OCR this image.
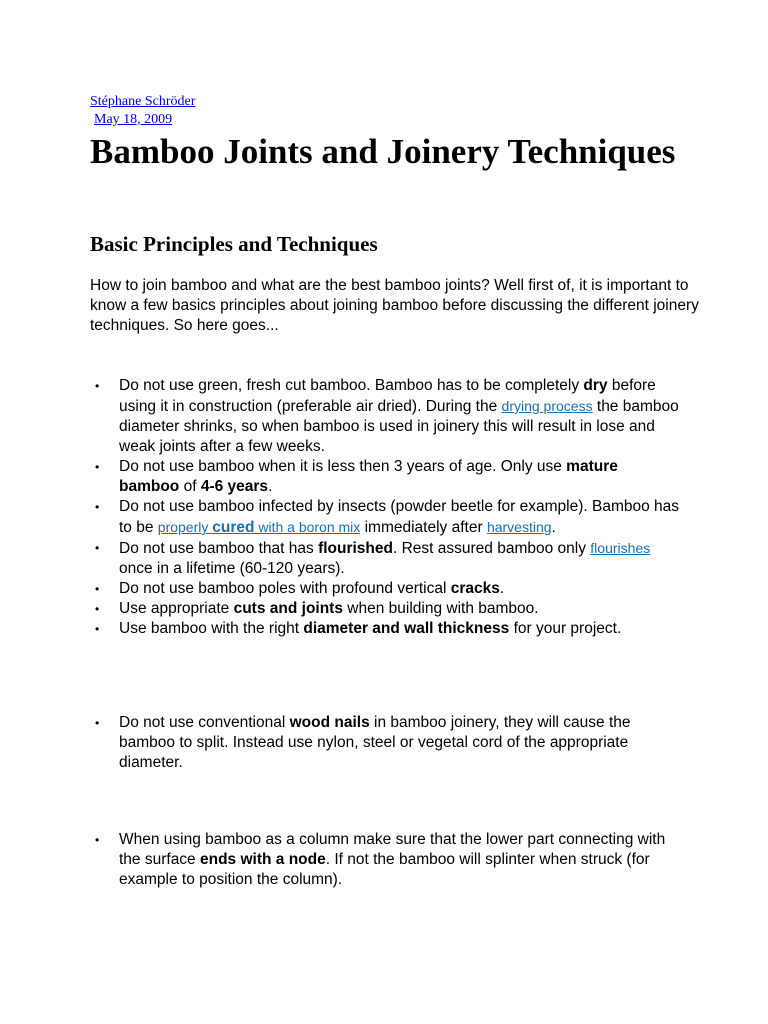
Stéphane Schröder
May 18, 2009
Bamboo Joints and Joinery Techniques
Basic Principles and Techniques

How to join bamboo and what are the best bamboo joints? Well first of, it is important to know a few basics principles about joining bamboo before discussing the different joinery techniques. So here goes...

• Do not use green, fresh cut bamboo. Bamboo has to be completely dry before using it in construction (preferable air dried). During the drying process the bamboo diameter shrinks, so when bamboo is used in joinery this will result in lose and weak joints after a few weeks.
• Do not use bamboo when it is less then 3 years of age. Only use mature bamboo of 4-6 years.
• Do not use bamboo infected by insects (powder beetle for example). Bamboo has to be properly cured with a boron mix immediately after harvesting.
• Do not use bamboo that has flourished. Rest assured bamboo only flourishes once in a lifetime (60-120 years).
• Do not use bamboo poles with profound vertical cracks.
• Use appropriate cuts and joints when building with bamboo.
• Use bamboo with the right diameter and wall thickness for your project.
• Do not use conventional wood nails in bamboo joinery, they will cause the bamboo to split. Instead use nylon, steel or vegetal cord of the appropriate diameter.
• When using bamboo as a column make sure that the lower part connecting with the surface ends with a node. If not the bamboo will splinter when struck (for example to position the column).
